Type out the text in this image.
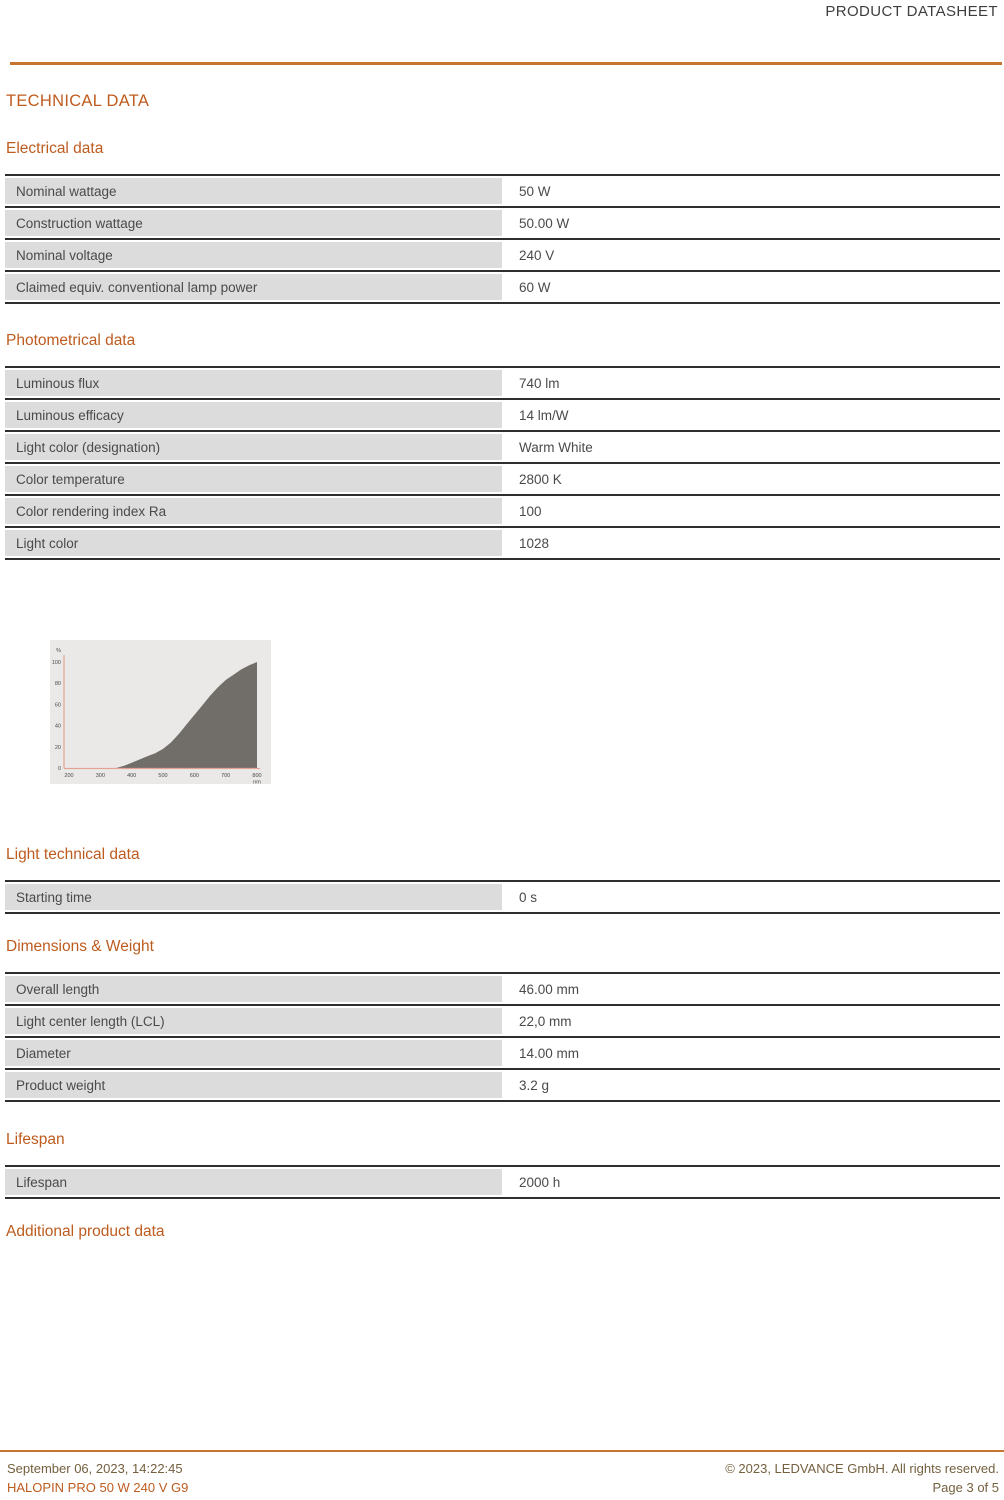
PRODUCT DATASHEET
TECHNICAL DATA
Electrical data
Nominal wattage	50 W
Construction wattage	50.00 W
Nominal voltage	240 V
Claimed equiv. conventional lamp power	60 W
Photometrical data
Luminous flux	740 lm
Luminous efficacy	14 lm/W
Light color (designation)	Warm White
Color temperature	2800 K
Color rendering index Ra	100
Light color	1028
0
20
40
60
80
100
%
200	300	400	500	600	700	800
nm
Light technical data
Starting time	0 s
Dimensions & Weight
Overall length	46.00 mm
Light center length (LCL)	22,0 mm
Diameter	14.00 mm
Product weight	3.2 g
Lifespan
Lifespan	2000 h
Additional product data
September 06, 2023, 14:22:45
HALOPIN PRO 50 W 240 V G9
© 2023, LEDVANCE GmbH. All rights reserved.
Page 3 of 5
